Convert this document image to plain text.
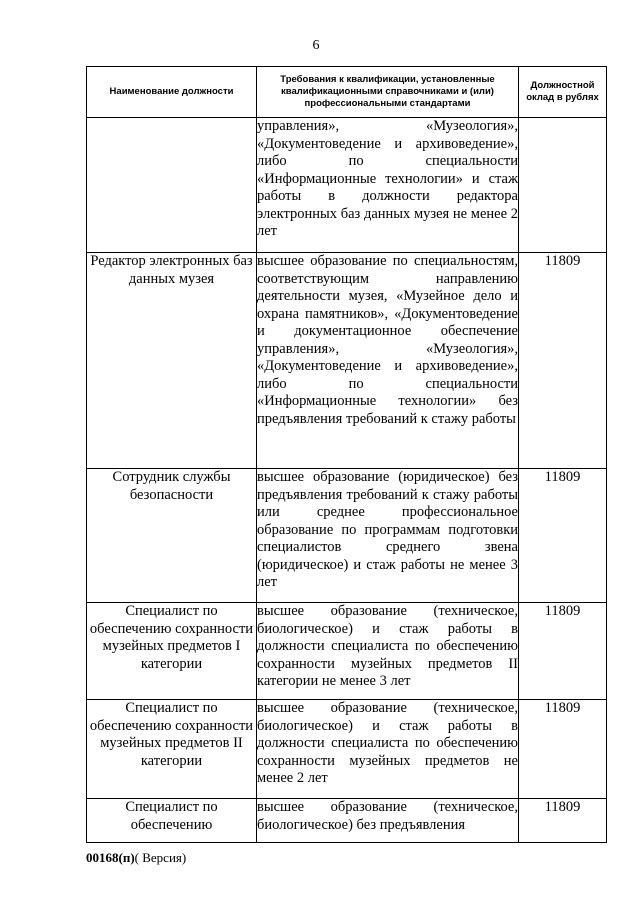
6
Наименование должности	Требования к квалификации, установленные квалификационными справочниками и (или) профессиональными стандартами	Должностной оклад в рублях
	управления», «Музеология», «Документоведение и архивоведение», либо по специальности «Информационные технологии» и стаж работы в должности редактора электронных баз данных музея не менее 2 лет	
Редактор электронных баз данных музея	высшее образование по специальностям, соответствующим направлению деятельности музея, «Музейное дело и охрана памятников», «Документоведение и документационное обеспечение управления», «Музеология», «Документоведение и архивоведение», либо по специальности «Информационные технологии» без предъявления требований к стажу работы	11809
Сотрудник службы безопасности	высшее образование (юридическое) без предъявления требований к стажу работы или среднее профессиональное образование по программам подготовки специалистов среднего звена (юридическое) и стаж работы не менее 3 лет	11809
Специалист по обеспечению сохранности музейных предметов I категории	высшее образование (техническое, биологическое) и стаж работы в должности специалиста по обеспечению сохранности музейных предметов II категории не менее 3 лет	11809
Специалист по обеспечению сохранности музейных предметов II категории	высшее образование (техническое, биологическое) и стаж работы в должности специалиста по обеспечению сохранности музейных предметов не менее 2 лет	11809
Специалист по обеспечению	высшее образование (техническое, биологическое) без предъявления	11809
00168(п)( Версия)
